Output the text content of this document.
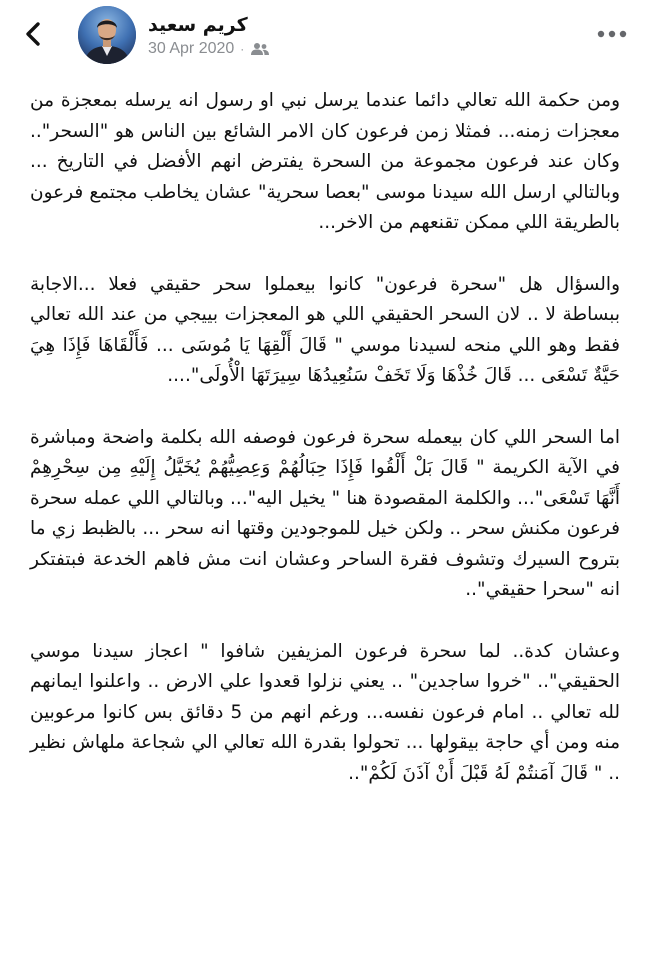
كريم سعيد
30 Apr 2020 ·

ومن حكمة الله تعالي دائما عندما يرسل نبي او رسول انه يرسله بمعجزة من معجزات زمنه... فمثلا زمن فرعون كان الامر الشائع بين الناس هو "السحر".. وكان عند فرعون مجموعة من السحرة يفترض انهم الأفضل في التاريخ ... وبالتالي ارسل الله سيدنا موسى "بعصا سحرية" عشان يخاطب مجتمع فرعون بالطريقة اللي ممكن تقنعهم من الاخر...

والسؤال هل "سحرة فرعون" كانوا بيعملوا سحر حقيقي فعلا ...الاجابة ببساطة لا .. لان السحر الحقيقي اللي هو المعجزات بييجي من عند الله تعالي فقط وهو اللي منحه لسيدنا موسي " قَالَ أَلْقِهَا يَا مُوسَى ... فَأَلْقَاهَا فَإِذَا هِيَ حَيَّةٌ تَسْعَى ... قَالَ خُذْهَا وَلَا تَخَفْ سَنُعِيدُهَا سِيرَتَهَا الْأُولَى"....

اما السحر اللي كان بيعمله سحرة فرعون فوصفه الله بكلمة واضحة ومباشرة في الآية الكريمة " قَالَ بَلْ أَلْقُوا فَإِذَا حِبَالُهُمْ وَعِصِيُّهُمْ يُخَيَّلُ إِلَيْهِ مِن سِحْرِهِمْ أَنَّهَا تَسْعَى"... والكلمة المقصودة هنا " يخيل اليه"... وبالتالي اللي عمله سحرة فرعون مكنش سحر .. ولكن خيل للموجودين وقتها انه سحر ... بالظبط زي ما بتروح السيرك وتشوف فقرة الساحر وعشان انت مش فاهم الخدعة فبتفتكر انه "سحرا حقيقي"..

وعشان كدة.. لما سحرة فرعون المزيفين شافوا " اعجاز سيدنا موسي الحقيقي".. "خروا ساجدين" .. يعني نزلوا قعدوا علي الارض .. واعلنوا ايمانهم لله تعالي .. امام فرعون نفسه... ورغم انهم من 5 دقائق بس كانوا مرعوبين منه ومن أي حاجة بيقولها ... تحولوا بقدرة الله تعالي الي شجاعة ملهاش نظير .. " قَالَ آمَنتُمْ لَهُ قَبْلَ أَنْ آذَنَ لَكُمْ"..
